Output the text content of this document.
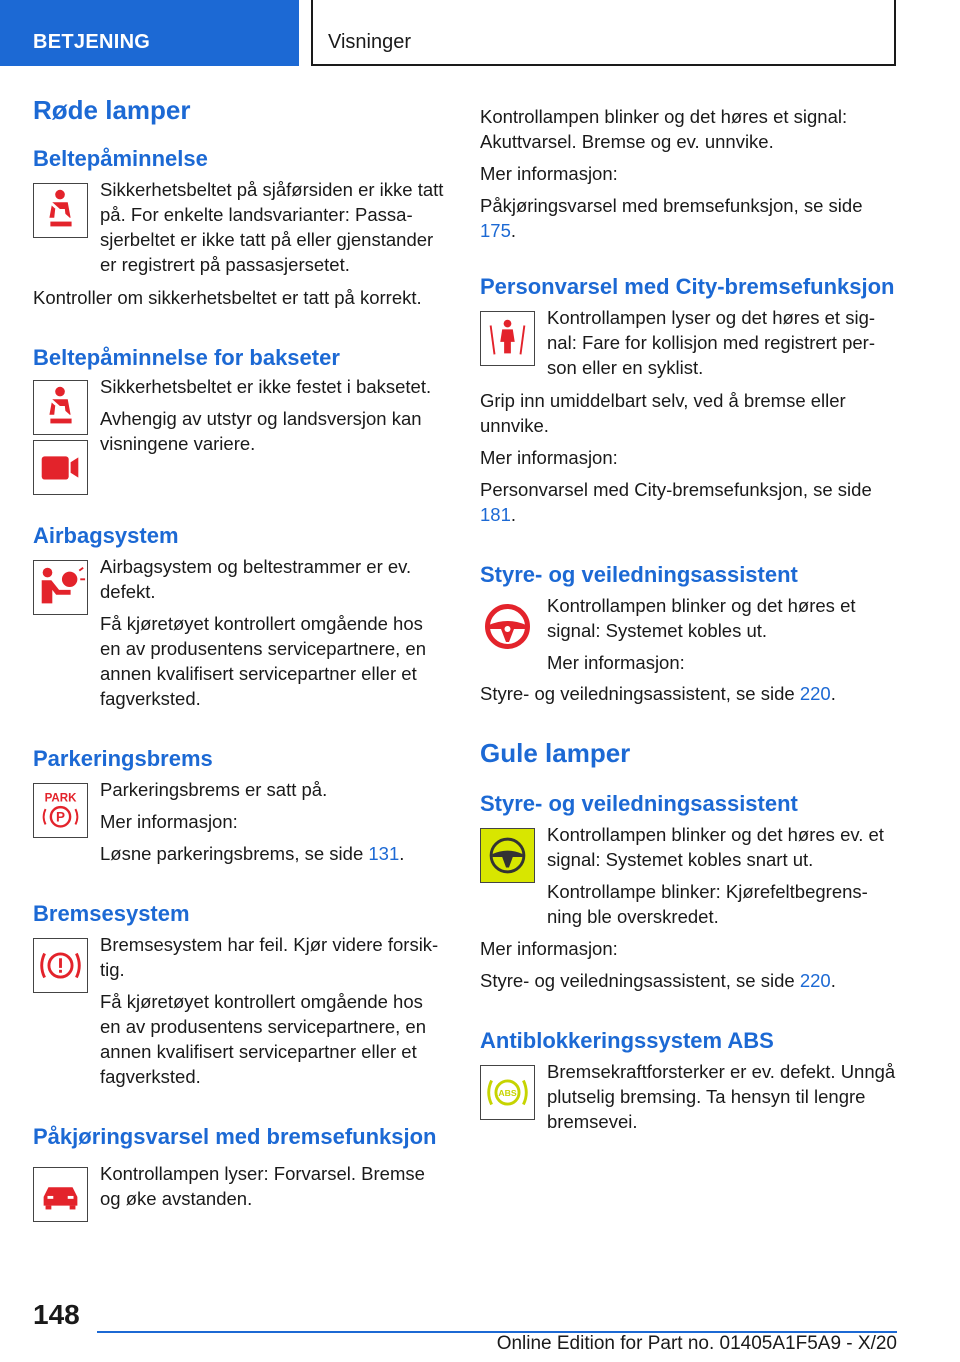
BETJENING	Visninger
Røde lamper
Beltepåminnelse
Sikkerhetsbeltet på sjåførsiden er ikke tatt på. For enkelte landsvarianter: Passa-sjerbeltet er ikke tatt på eller gjenstander er registrert på passasjersetet.
Kontroller om sikkerhetsbeltet er tatt på korrekt.
Beltepåminnelse for bakseter
Sikkerhetsbeltet er ikke festet i baksetet.
Avhengig av utstyr og landsversjon kan visningene variere.
Airbagsystem
Airbagsystem og beltestrammer er ev. defekt.
Få kjøretøyet kontrollert omgående hos en av produsentens servicepartnere, en annen kvalifisert servicepartner eller et fagverksted.
Parkeringsbrems
PARK
P
Parkeringsbrems er satt på.
Mer informasjon:
Løsne parkeringsbrems, se side 131.
Bremsesystem
Bremsesystem har feil. Kjør videre forsik-tig.
Få kjøretøyet kontrollert omgående hos en av produsentens servicepartnere, en annen kvalifisert servicepartner eller et fagverksted.
Påkjøringsvarsel med bremsefunksjon
Kontrollampen lyser: Forvarsel. Bremse og øke avstanden.
Kontrollampen blinker og det høres et signal: Akuttvarsel. Bremse og ev. unnvike.
Mer informasjon:
Påkjøringsvarsel med bremsefunksjon, se side 175.
Personvarsel med City-bremsefunksjon
Kontrollampen lyser og det høres et sig-nal: Fare for kollisjon med registrert per-son eller en syklist.
Grip inn umiddelbart selv, ved å bremse eller unnvike.
Mer informasjon:
Personvarsel med City-bremsefunksjon, se side 181.
Styre- og veiledningsassistent
Kontrollampen blinker og det høres et signal: Systemet kobles ut.
Mer informasjon:
Styre- og veiledningsassistent, se side 220.
Gule lamper
Styre- og veiledningsassistent
Kontrollampen blinker og det høres ev. et signal: Systemet kobles snart ut.
Kontrollampe blinker: Kjørefeltbegrens-ning ble overskredet.
Mer informasjon:
Styre- og veiledningsassistent, se side 220.
Antiblokkeringssystem ABS
ABS
Bremsekraftforsterker er ev. defekt. Unngå plutselig bremsing. Ta hensyn til lengre bremsevei.
148
Online Edition for Part no. 01405A1F5A9 - X/20
